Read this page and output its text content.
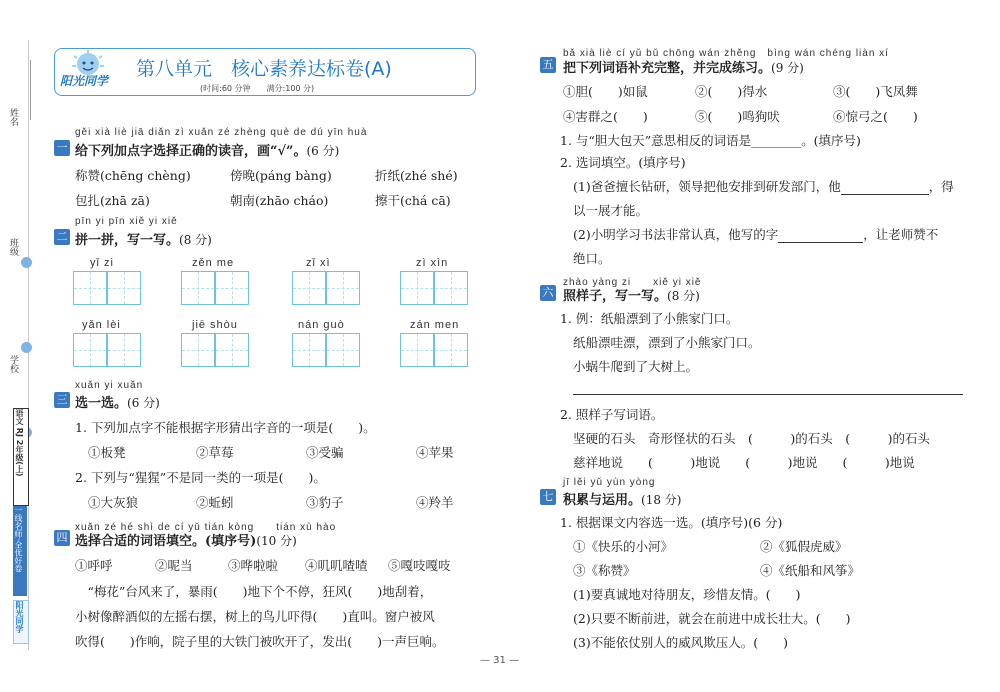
姓名
班级
学校
语文 RJ 2年级(上)
一线名师·全优好卷
阳光同学
阳光同学
第八单元　核心素养达标卷(A)
(时间:60 分钟　　满分:100 分)
gěi xià liè jiā diǎn zì xuǎn zé zhèng què de dú yīn huà
一 给下列加点字选择正确的读音，画“√”。(6 分)
称赞(chēng chèng)	傍晚(páng bàng)	折纸(zhé shé)
包扎(zhā zā)	朝南(zhāo cháo)	擦干(chá cā)
pīn yi pīn xiě yi xiě
二 拼一拼，写一写。(8 分)
yǐ zi	zěn me	zǐ xì	zì xìn
yǎn lèi	jiē shòu	nán guò	zán men
xuǎn yi xuǎn
三 选一选。(6 分)
1. 下列加点字不能根据字形猜出字音的一项是(　　)。
①板凳	②草莓	③受骗	④苹果
2. 下列与“猩猩”不是同一类的一项是(　　)。
①大灰狼	②蚯蚓	③豹子	④羚羊
xuǎn zé hé shì de cí yǔ tián kòng　　tián xù hào
四 选择合适的词语填空。(填序号)(10 分)
①呼呼	②呢当	③哗啦啦 ④叽叽喳喳 ⑤嘎吱嘎吱
　“梅花”台风来了，暴雨(　　)地下个不停，狂风(　　)地刮着，
小树像醉酒似的左摇右摆，树上的鸟儿吓得(　　)直叫。窗户被风
吹得(　　)作响，院子里的大铁门被吹开了，发出(　　)一声巨响。
bǎ xià liè cí yǔ bǔ chōng wán zhěng　bìng wán chéng liàn xí
五 把下列词语补充完整，并完成练习。(9 分)
①胆(　　)如鼠	②(　　)得水	③(　　)飞凤舞
④害群之(　　)	⑤(　　)鸣狗吠	⑥惊弓之(　　)
1. 与“胆大包天”意思相反的词语是________。(填序号)
2. 选词填空。(填序号)
(1)爸爸擅长钻研，领导把他安排到研发部门，他	，得
以一展才能。
(2)小明学习书法非常认真，他写的字	，让老师赞不
绝口。
zhào yàng zi　　xiě yi xiě
六 照样子，写一写。(8 分)
1. 例：纸船漂到了小熊家门口。
纸船漂哇漂，漂到了小熊家门口。
小蜗牛爬到了大树上。
2. 照样子写词语。
坚硬的石头　奇形怪状的石头　(　　　)的石头　(　　　)的石头
慈祥地说　　(　　　)地说　　(　　　)地说　　(　　　)地说
jī lěi yǔ yùn yòng
七 积累与运用。(18 分)
1. 根据课文内容选一选。(填序号)(6 分)
①《快乐的小河》	②《狐假虎威》
③《称赞》	④《纸船和风筝》
(1)要真诚地对待朋友，珍惜友情。(　　)
(2)只要不断前进，就会在前进中成长壮大。(　　)
(3)不能依仗别人的威风欺压人。(　　)
— 31 —
